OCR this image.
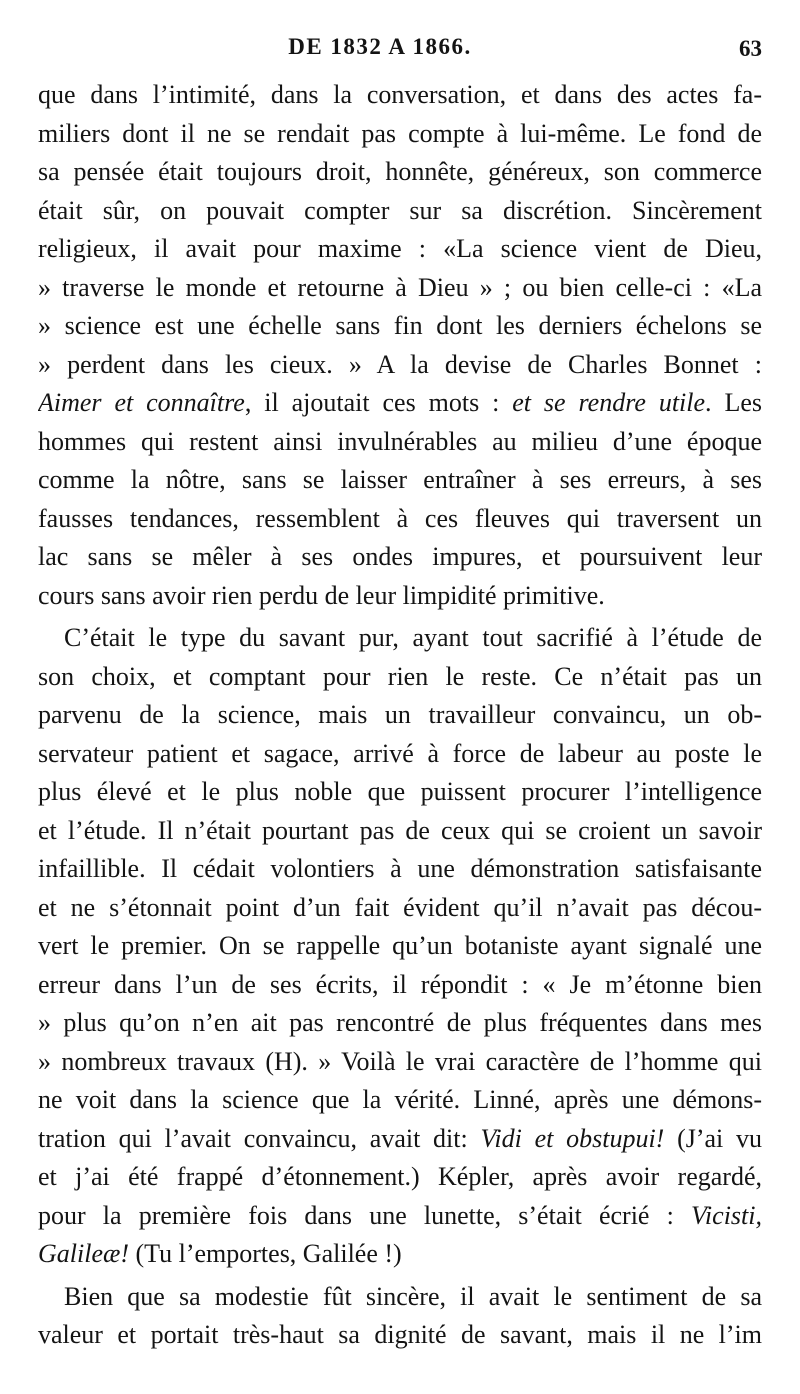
DE 1832 A 1866.	63
que dans l’intimité, dans la conversation, et dans des actes fa-
miliers dont il ne se rendait pas compte à lui-même. Le fond de
sa pensée était toujours droit, honnête, généreux, son commerce
était sûr, on pouvait compter sur sa discrétion. Sincèrement
religieux, il avait pour maxime : «La science vient de Dieu,
» traverse le monde et retourne à Dieu » ; ou bien celle-ci : «La
» science est une échelle sans fin dont les derniers échelons se
» perdent dans les cieux. » A la devise de Charles Bonnet :
Aimer et connaître, il ajoutait ces mots : et se rendre utile. Les
hommes qui restent ainsi invulnérables au milieu d’une époque
comme la nôtre, sans se laisser entraîner à ses erreurs, à ses
fausses tendances, ressemblent à ces fleuves qui traversent un
lac sans se mêler à ses ondes impures, et poursuivent leur
cours sans avoir rien perdu de leur limpidité primitive.
C’était le type du savant pur, ayant tout sacrifié à l’étude de
son choix, et comptant pour rien le reste. Ce n’était pas un
parvenu de la science, mais un travailleur convaincu, un ob-
servateur patient et sagace, arrivé à force de labeur au poste le
plus élevé et le plus noble que puissent procurer l’intelligence
et l’étude. Il n’était pourtant pas de ceux qui se croient un savoir
infaillible. Il cédait volontiers à une démonstration satisfaisante
et ne s’étonnait point d’un fait évident qu’il n’avait pas décou-
vert le premier. On se rappelle qu’un botaniste ayant signalé une
erreur dans l’un de ses écrits, il répondit : « Je m’étonne bien
» plus qu’on n’en ait pas rencontré de plus fréquentes dans mes
» nombreux travaux (H). » Voilà le vrai caractère de l’homme qui
ne voit dans la science que la vérité. Linné, après une démons-
tration qui l’avait convaincu, avait dit: Vidi et obstupui! (J’ai vu
et j’ai été frappé d’étonnement.) Képler, après avoir regardé,
pour la première fois dans une lunette, s’était écrié : Vicisti,
Galileæ! (Tu l’emportes, Galilée !)
Bien que sa modestie fût sincère, il avait le sentiment de sa
valeur et portait très-haut sa dignité de savant, mais il ne l’im
